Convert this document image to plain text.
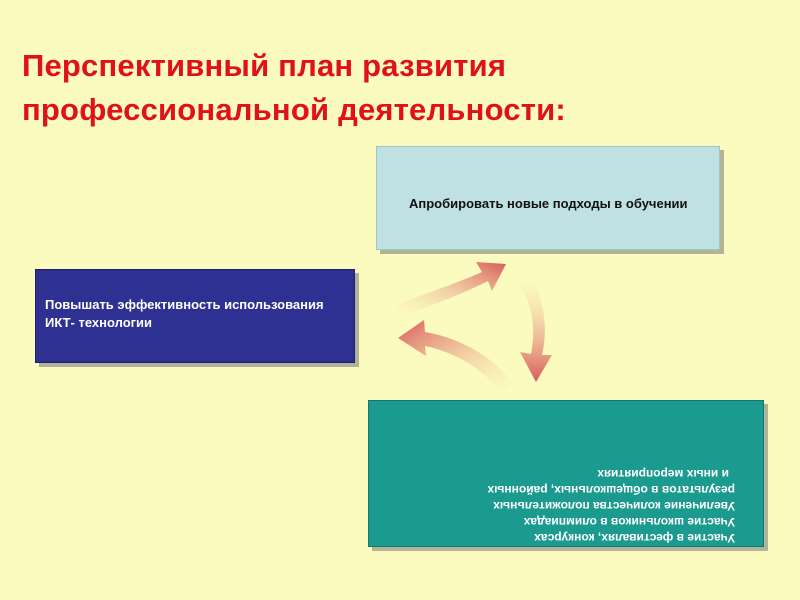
Перспективный план развития
профессиональной деятельности:
Апробировать новые подходы в обучении
Повышать эффективность использования ИКТ- технологии
Участие в фестивалях, конкурсах
Участие школьников в олимпиадах
Увеличение количества положительных
результатов в общешкольных, районных
и иных мероприятиях
